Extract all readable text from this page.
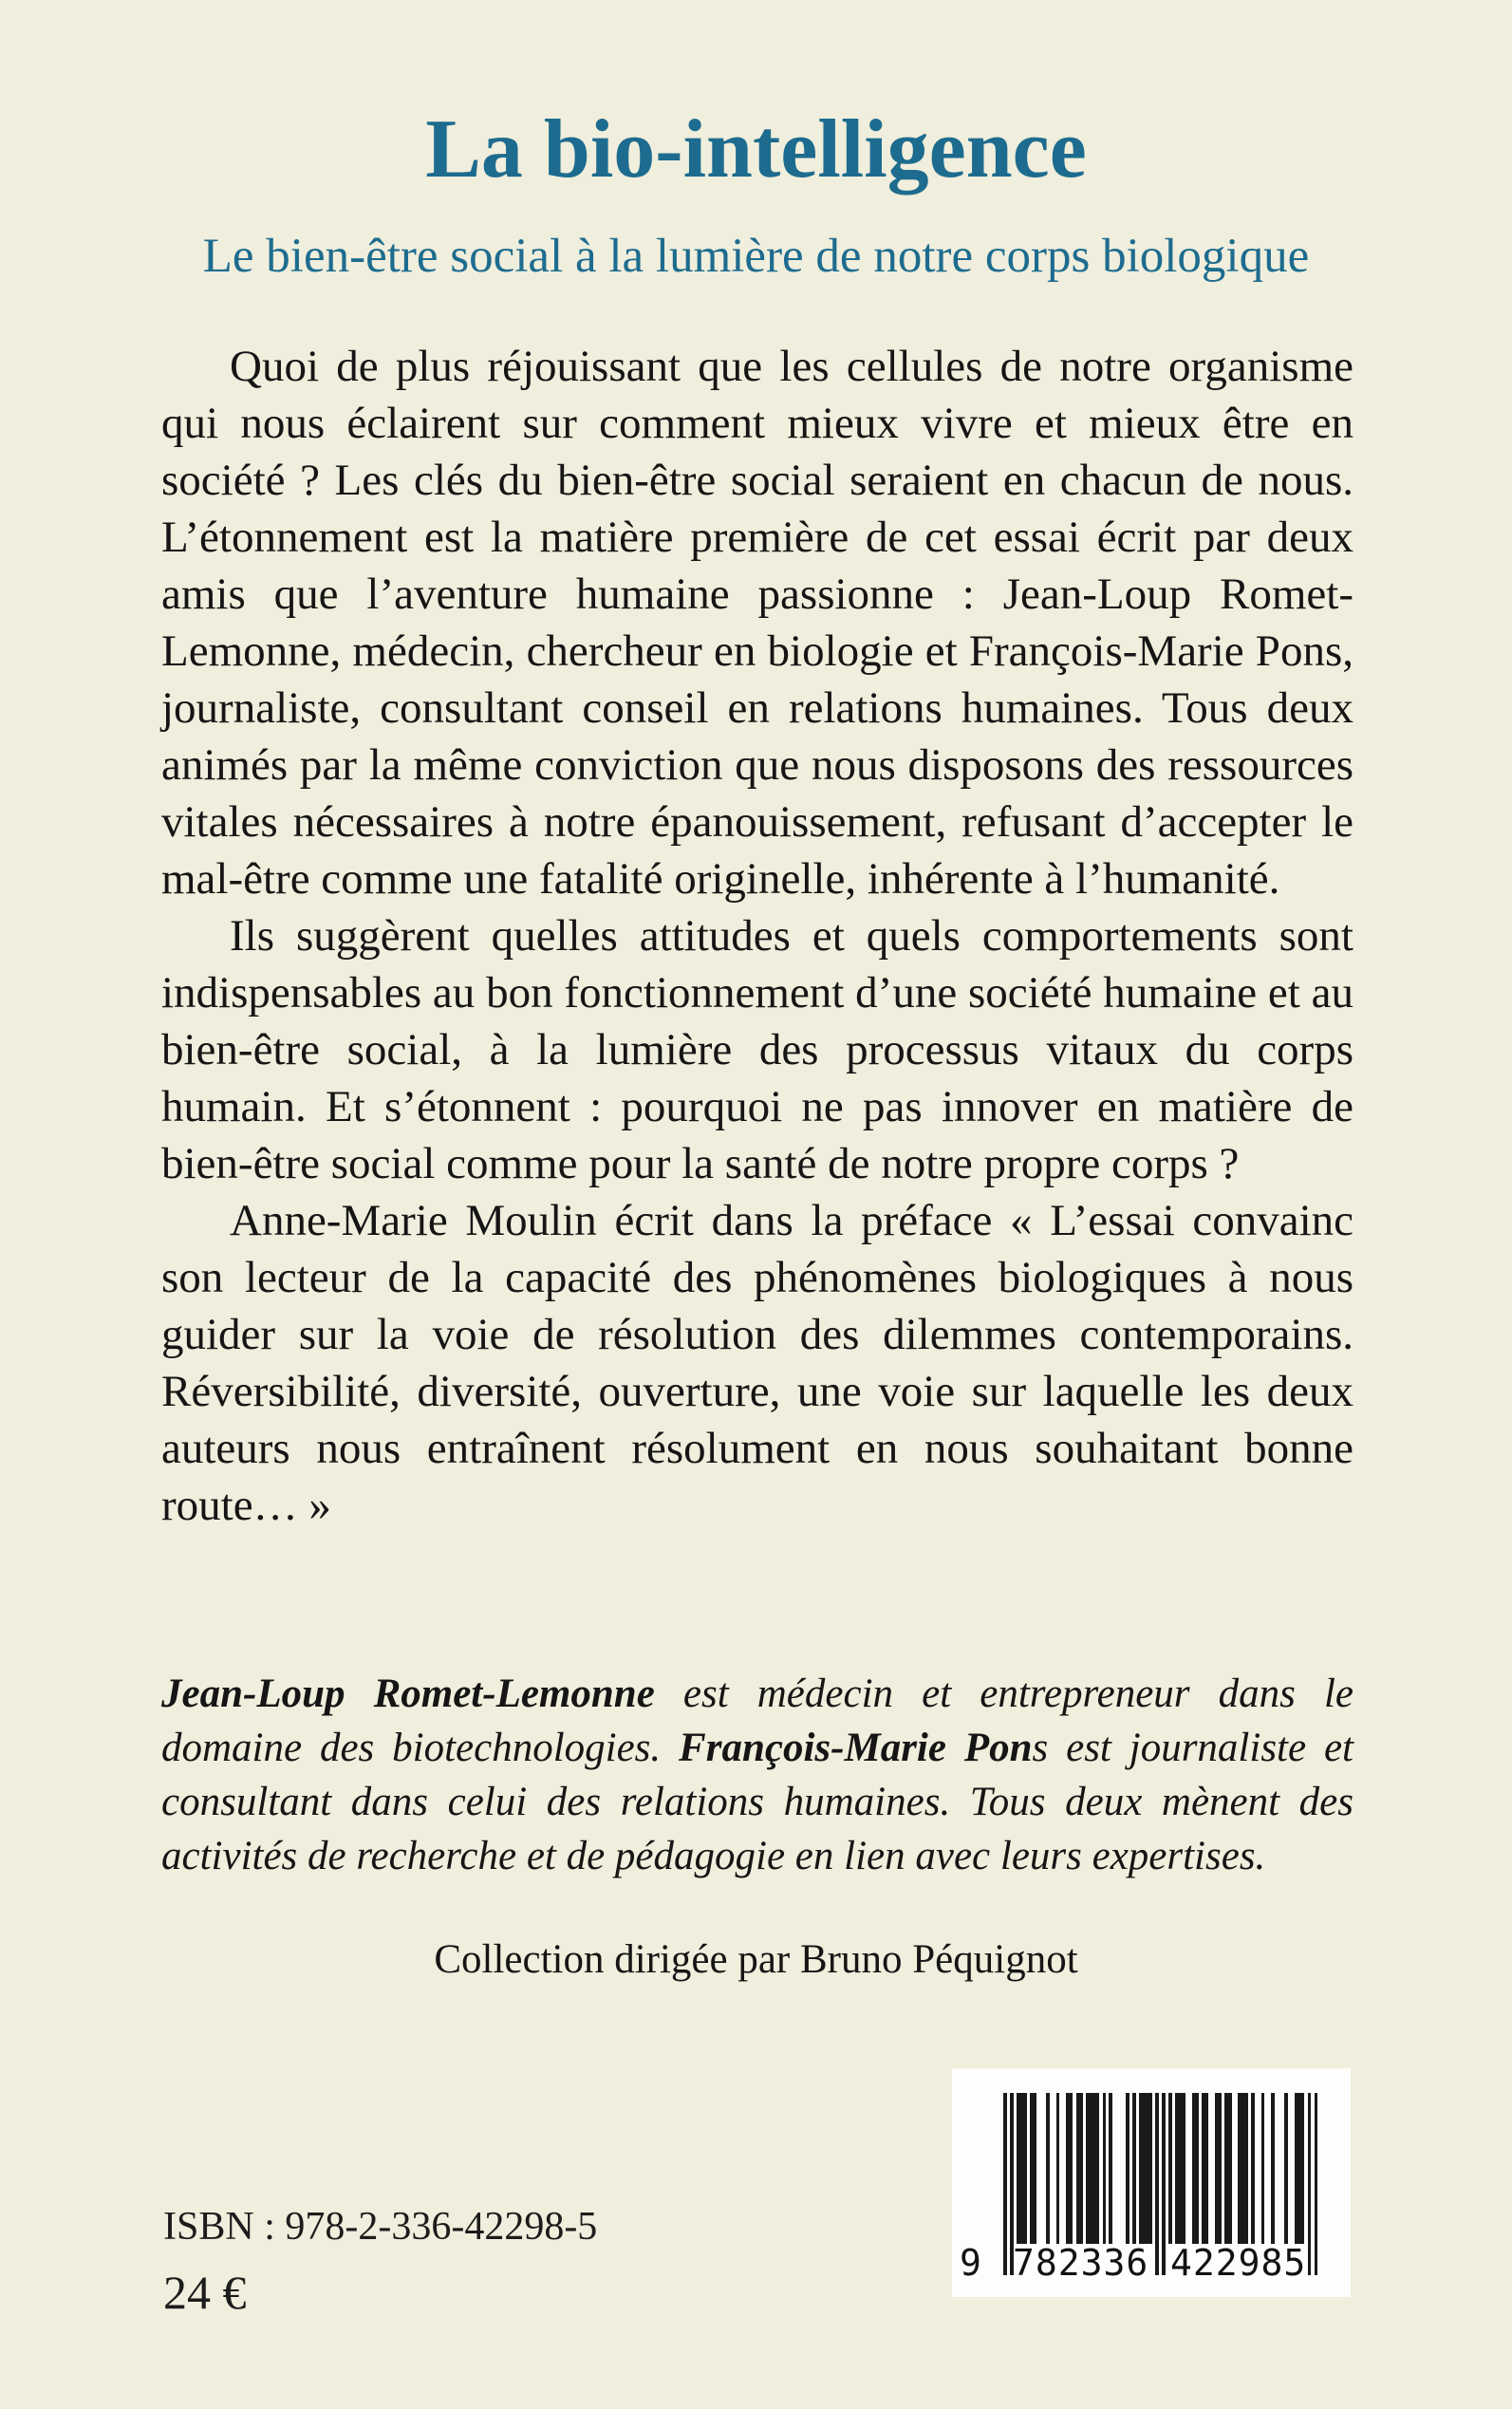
La bio-intelligence
Le bien-être social à la lumière de notre corps biologique

Quoi de plus réjouissant que les cellules de notre organisme qui nous éclairent sur comment mieux vivre et mieux être en société ? Les clés du bien-être social seraient en chacun de nous. L’étonnement est la matière première de cet essai écrit par deux amis que l’aventure humaine passionne : Jean-Loup Romet-Lemonne, médecin, chercheur en biologie et François-Marie Pons, journaliste, consultant conseil en relations humaines. Tous deux animés par la même conviction que nous disposons des ressources vitales nécessaires à notre épanouissement, refusant d’accepter le mal-être comme une fatalité originelle, inhérente à l’humanité.

Ils suggèrent quelles attitudes et quels comportements sont indispensables au bon fonctionnement d’une société humaine et au bien-être social, à la lumière des processus vitaux du corps humain. Et s’étonnent : pourquoi ne pas innover en matière de bien-être social comme pour la santé de notre propre corps ?

Anne-Marie Moulin écrit dans la préface « L’essai convainc son lecteur de la capacité des phénomènes biologiques à nous guider sur la voie de résolution des dilemmes contemporains. Réversibilité, diversité, ouverture, une voie sur laquelle les deux auteurs nous entraînent résolument en nous souhaitant bonne route… »

Jean-Loup Romet-Lemonne est médecin et entrepreneur dans le domaine des biotechnologies. François-Marie Pons est journaliste et consultant dans celui des relations humaines. Tous deux mènent des activités de recherche et de pédagogie en lien avec leurs expertises.
Collection dirigée par Bruno Péquignot
ISBN : 978-2-336-42298-5
24 €
9 782336 422985
